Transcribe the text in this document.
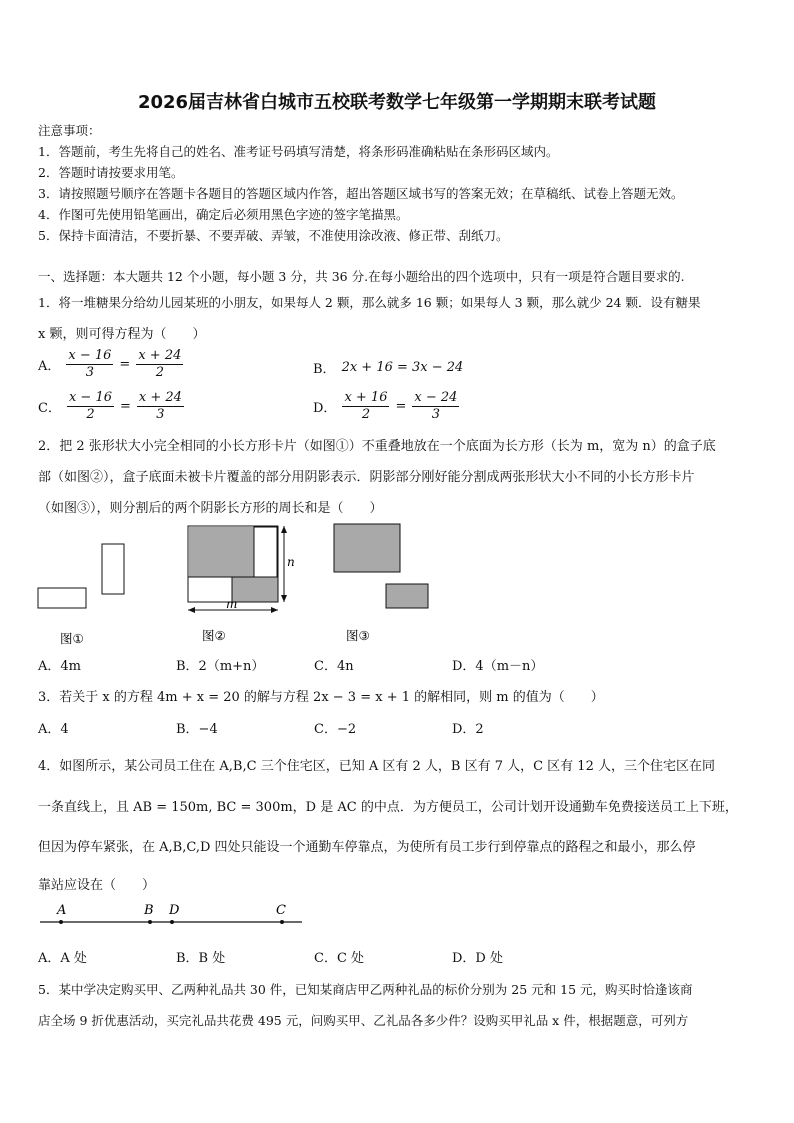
2026届吉林省白城市五校联考数学七年级第一学期期末联考试题
注意事项：
1．答题前，考生先将自己的姓名、准考证号码填写清楚，将条形码准确粘贴在条形码区域内。
2．答题时请按要求用笔。
3．请按照题号顺序在答题卡各题目的答题区域内作答，超出答题区域书写的答案无效；在草稿纸、试卷上答题无效。
4．作图可先使用铅笔画出，确定后必须用黑色字迹的签字笔描黑。
5．保持卡面清洁，不要折暴、不要弄破、弄皱，不准使用涂改液、修正带、刮纸刀。
一、选择题：本大题共 12 个小题，每小题 3 分，共 36 分.在每小题给出的四个选项中，只有一项是符合题目要求的.
1．将一堆糖果分给幼儿园某班的小朋友，如果每人 2 颗，那么就多 16 颗；如果每人 3 颗，那么就少 24 颗．设有糖果
x 颗，则可得方程为（　　）
A． $\frac{x - 16}{3} = \frac{x + 24}{2}$	B． 2x + 16 = 3x − 24
C． $\frac{x - 16}{2} = \frac{x + 24}{3}$	D． $\frac{x + 16}{2} = \frac{x - 24}{3}$
2．把 2 张形状大小完全相同的小长方形卡片（如图①）不重叠地放在一个底面为长方形（长为 m，宽为 n）的盒子底
部（如图②），盒子底面未被卡片覆盖的部分用阴影表示．阴影部分刚好能分割成两张形状大小不同的小长方形卡片
（如图③），则分割后的两个阴影长方形的周长和是（　　）
n
m
图①	图②	图③
A．4m	B．2（m+n）	C．4n	D．4（m－n）
3．若关于 x 的方程 4m + x = 20 的解与方程 2x − 3 = x + 1 的解相同，则 m 的值为（　　）
A．4	B．−4	C．−2	D．2
4．如图所示，某公司员工住在 A,B,C 三个住宅区，已知 A 区有 2 人，B 区有 7 人，C 区有 12 人，三个住宅区在同
一条直线上，且 AB = 150m, BC = 300m，D 是 AC 的中点．为方便员工，公司计划开设通勤车免费接送员工上下班，
但因为停车紧张，在 A,B,C,D 四处只能设一个通勤车停靠点，为使所有员工步行到停靠点的路程之和最小，那么停
靠站应设在（　　）
A	B D	C
A．A 处	B．B 处	C．C 处	D．D 处
5．某中学决定购买甲、乙两种礼品共 30 件，已知某商店甲乙两种礼品的标价分别为 25 元和 15 元，购买时恰逢该商
店全场 9 折优惠活动，买完礼品共花费 495 元，问购买甲、乙礼品各多少件？设购买甲礼品 x 件，根据题意，可列方
